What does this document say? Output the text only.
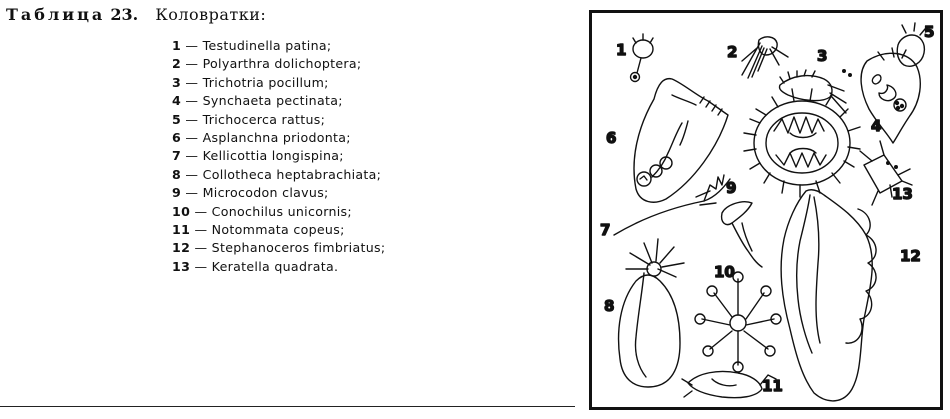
Таблица 23. Коловратки:
1 — Testudinella patina;
2 — Polyarthra dolichoptera;
3 — Trichotria pocillum;
4 — Synchaeta pectinata;
5 — Trichocerca rattus;
6 — Asplanchna priodonta;
7 — Kellicottia longispina;
8 — Collotheca heptabrachiata;
9 — Microcodon clavus;
10 — Conochilus unicornis;
11 — Notommata copeus;
12 — Stephanoceros fimbriatus;
13 — Keratella quadrata.
1	2	3
4
5
6
7
8
9
10
11
12
13
